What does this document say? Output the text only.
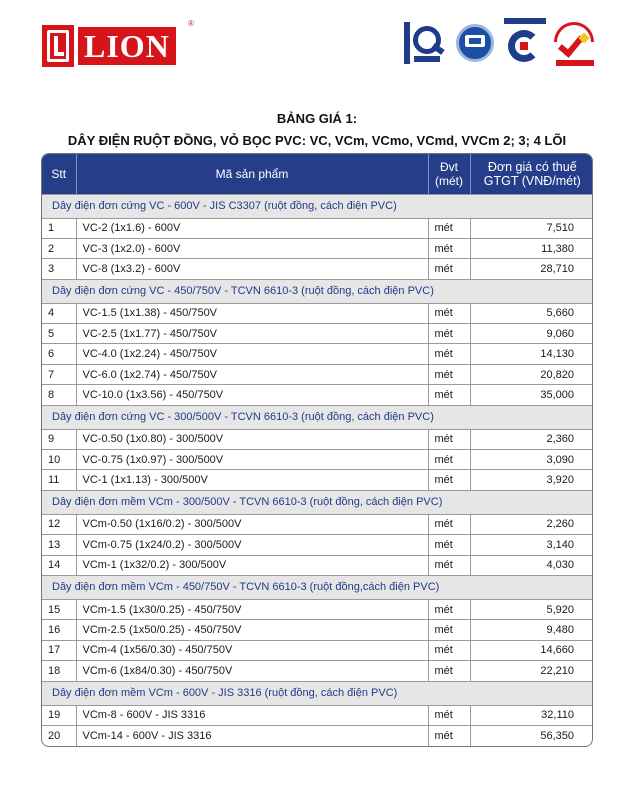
LION
®
BẢNG GIÁ 1:
DÂY ĐIỆN RUỘT ĐỒNG, VỎ BỌC PVC: VC, VCm, VCmo, VCmd, VVCm 2; 3; 4 LÕI
Stt	Mã sản phẩm	Đvt (mét)	Đơn giá có thuế GTGT (VNĐ/mét)
Dây điện đơn cứng VC - 600V - JIS C3307 (ruột đồng, cách điện PVC)			
1	VC-2 (1x1.6) - 600V	mét	7,510
2	VC-3 (1x2.0) - 600V	mét	11,380
3	VC-8 (1x3.2) - 600V	mét	28,710
Dây điện đơn cứng VC - 450/750V - TCVN 6610-3 (ruột đồng, cách điện PVC)			
4	VC-1.5 (1x1.38) - 450/750V	mét	5,660
5	VC-2.5 (1x1.77) - 450/750V	mét	9,060
6	VC-4.0 (1x2.24) - 450/750V	mét	14,130
7	VC-6.0 (1x2.74) - 450/750V	mét	20,820
8	VC-10.0 (1x3.56) - 450/750V	mét	35,000
Dây điện đơn cứng VC - 300/500V - TCVN 6610-3 (ruột đồng, cách điện PVC)			
9	VC-0.50 (1x0.80) - 300/500V	mét	2,360
10	VC-0.75 (1x0.97) - 300/500V	mét	3,090
11	VC-1 (1x1.13) - 300/500V	mét	3,920
Dây điện đơn mềm VCm - 300/500V - TCVN 6610-3 (ruột đồng, cách điện PVC)			
12	VCm-0.50 (1x16/0.2) - 300/500V	mét	2,260
13	VCm-0.75 (1x24/0.2) - 300/500V	mét	3,140
14	VCm-1 (1x32/0.2) - 300/500V	mét	4,030
Dây điện đơn mềm VCm - 450/750V - TCVN 6610-3 (ruột đồng,cách điện PVC)			
15	VCm-1.5 (1x30/0.25) - 450/750V	mét	5,920
16	VCm-2.5 (1x50/0.25) - 450/750V	mét	9,480
17	VCm-4 (1x56/0.30) - 450/750V	mét	14,660
18	VCm-6 (1x84/0.30) - 450/750V	mét	22,210
Dây điện đơn mềm VCm - 600V - JIS 3316 (ruột đồng, cách điện PVC)			
19	VCm-8 - 600V - JIS 3316	mét	32,110
20	VCm-14 - 600V - JIS 3316	mét	56,350
